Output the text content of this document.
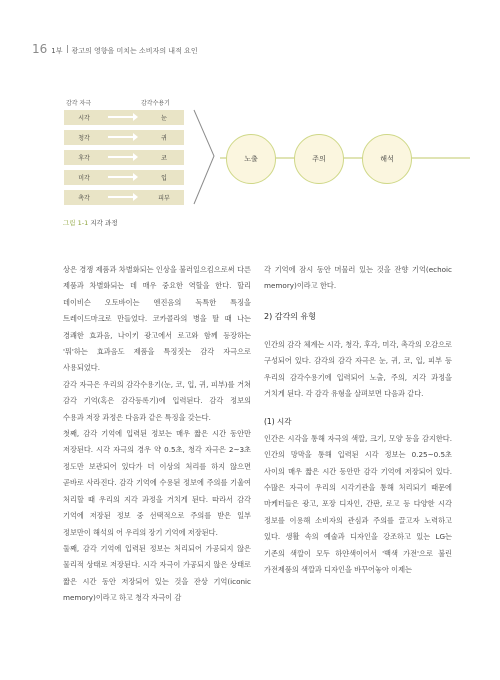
16 1부 광고의 영향을 미치는 소비자의 내적 요인
감각 자극	감각수용기
시각	눈
청각	귀
후각	코
미각	입
촉각	피부
노출	주의	해석
그림 1-1 지각 과정

상은 경쟁 제품과 차별화되는 인상을 불러일으킴으로써 다른 제품과 차별화되는 데 매우 중요한 역할을 한다. 할리 데이비슨 오토바이는 엔진음의 독특한 특징을 트레이드마크로 만들었다. 코카콜라의 병을 딸 때 나는 경쾌한 효과음, 나이키 광고에서 로고와 함께 등장하는 '뭐'하는 효과음도 제품을 특징짓는 감각 자극으로 사용되었다.

감각 자극은 우리의 감각수용기(눈, 코, 입, 귀, 피부)를 거쳐 감각 기억(혹은 감각등록기)에 입력된다. 감각 정보의 수용과 저장 과정은 다음과 같은 특징을 갖는다.

첫째, 감각 기억에 입력된 정보는 매우 짧은 시간 동안만 저장된다. 시각 자극의 경우 약 0.5초, 청각 자극은 2~3초 정도만 보관되어 있다가 더 이상의 처리를 하지 않으면 곧바로 사라진다. 감각 기억에 수용된 정보에 주의를 기울여 처리할 때 우리의 지각 과정을 거치게 된다. 따라서 감각 기억에 저장된 정보 중 선택적으로 주의를 받은 일부 정보만이 해석의 어 우리의 장기 기억에 저장된다.

둘째, 감각 기억에 입력된 정보는 처리되어 가공되지 않은 물리적 상태로 저장된다. 시각 자극이 가공되지 않은 상태로 짧은 시간 동안 저장되어 있는 것을 잔상 기억(iconic memory)이라고 하고 청각 자극이 감

각 기억에 잠시 동안 머물러 있는 것을 잔향 기억(echoic memory)이라고 한다.

2) 감각의 유형

인간의 감각 체계는 시각, 청각, 후각, 미각, 촉각의 오감으로 구성되어 있다. 감각의 감각 자극은 눈, 귀, 코, 입, 피부 등 우리의 감각수용기에 입력되어 노출, 주의, 지각 과정을 거치게 된다. 각 감각 유형을 살펴보면 다음과 같다.

(1) 시각

인간은 시각을 통해 자극의 색깔, 크기, 모양 등을 감지한다. 인간의 망막을 통해 입력된 시각 정보는 0.25~0.5초 사이의 매우 짧은 시간 동안만 감각 기억에 저장되어 있다. 수많은 자극이 우리의 시각기관을 통해 처리되기 때문에 마케터들은 광고, 포장 디자인, 간판, 로고 등 다양한 시각 정보를 이용해 소비자의 관심과 주의를 끌고자 노력하고 있다. 생활 속의 예술과 디자인을 강조하고 있는 LG는 기존의 색깔이 모두 하얀색이어서 '백색 가전'으로 불린 가전제품의 색깔과 디자인을 바꾸어놓아 이제는
